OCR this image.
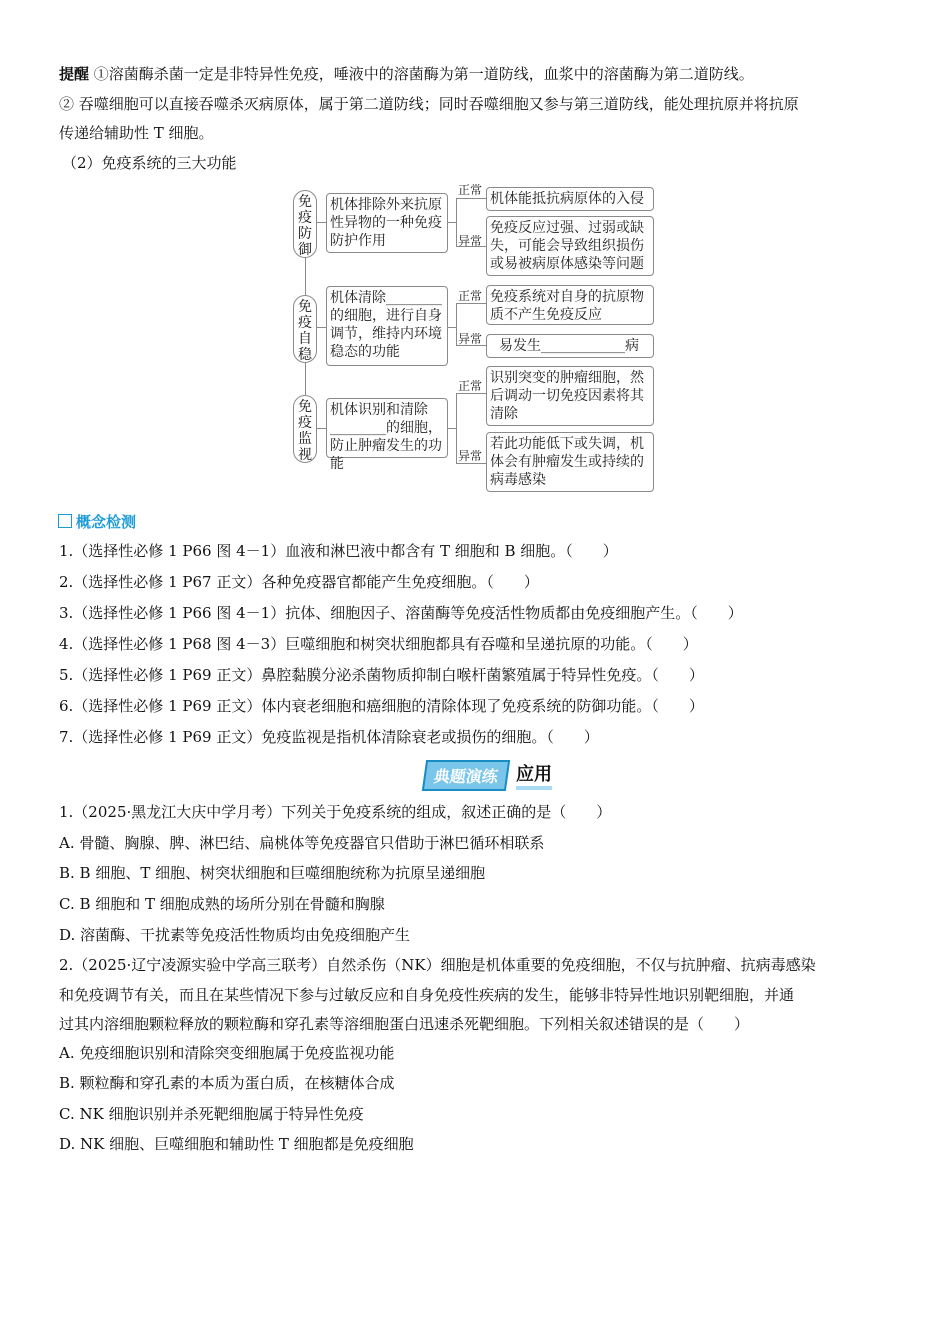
提醒 ①溶菌酶杀菌一定是非特异性免疫，唾液中的溶菌酶为第一道防线，血浆中的溶菌酶为第二道防线。
② 吞噬细胞可以直接吞噬杀灭病原体，属于第二道防线；同时吞噬细胞又参与第三道防线，能处理抗原并将抗原
传递给辅助性 T 细胞。
（2）免疫系统的三大功能
免疫防御
免疫自稳
免疫监视
机体排除外来抗原性异物的一种免疫防护作用
机体清除________的细胞，进行自身调节，维持内环境稳态的功能
机体识别和清除________的细胞，防止肿瘤发生的功能
正常
异常
机体能抵抗病原体的入侵
免疫反应过强、过弱或缺失，可能会导致组织损伤或易被病原体感染等问题
正常
异常
免疫系统对自身的抗原物质不产生免疫反应
易发生____________病
正常
异常
识别突变的肿瘤细胞，然后调动一切免疫因素将其清除
若此功能低下或失调，机体会有肿瘤发生或持续的病毒感染
概念检测
1.（选择性必修 1 P66 图 4－1）血液和淋巴液中都含有 T 细胞和 B 细胞。（　　）
2.（选择性必修 1 P67 正文）各种免疫器官都能产生免疫细胞。（　　）
3.（选择性必修 1 P66 图 4－1）抗体、细胞因子、溶菌酶等免疫活性物质都由免疫细胞产生。（　　）
4.（选择性必修 1 P68 图 4－3）巨噬细胞和树突状细胞都具有吞噬和呈递抗原的功能。（　　）
5.（选择性必修 1 P69 正文）鼻腔黏膜分泌杀菌物质抑制白喉杆菌繁殖属于特异性免疫。（　　）
6.（选择性必修 1 P69 正文）体内衰老细胞和癌细胞的清除体现了免疫系统的防御功能。（　　）
7.（选择性必修 1 P69 正文）免疫监视是指机体清除衰老或损伤的细胞。（　　）
典题演练 应用
1.（2025·黑龙江大庆中学月考）下列关于免疫系统的组成，叙述正确的是（　　）
A. 骨髓、胸腺、脾、淋巴结、扁桃体等免疫器官只借助于淋巴循环相联系
B. B 细胞、T 细胞、树突状细胞和巨噬细胞统称为抗原呈递细胞
C. B 细胞和 T 细胞成熟的场所分别在骨髓和胸腺
D. 溶菌酶、干扰素等免疫活性物质均由免疫细胞产生
2.（2025·辽宁凌源实验中学高三联考）自然杀伤（NK）细胞是机体重要的免疫细胞，不仅与抗肿瘤、抗病毒感染
和免疫调节有关，而且在某些情况下参与过敏反应和自身免疫性疾病的发生，能够非特异性地识别靶细胞，并通
过其内溶细胞颗粒释放的颗粒酶和穿孔素等溶细胞蛋白迅速杀死靶细胞。下列相关叙述错误的是（　　）
A. 免疫细胞识别和清除突变细胞属于免疫监视功能
B. 颗粒酶和穿孔素的本质为蛋白质，在核糖体合成
C. NK 细胞识别并杀死靶细胞属于特异性免疫
D. NK 细胞、巨噬细胞和辅助性 T 细胞都是免疫细胞
